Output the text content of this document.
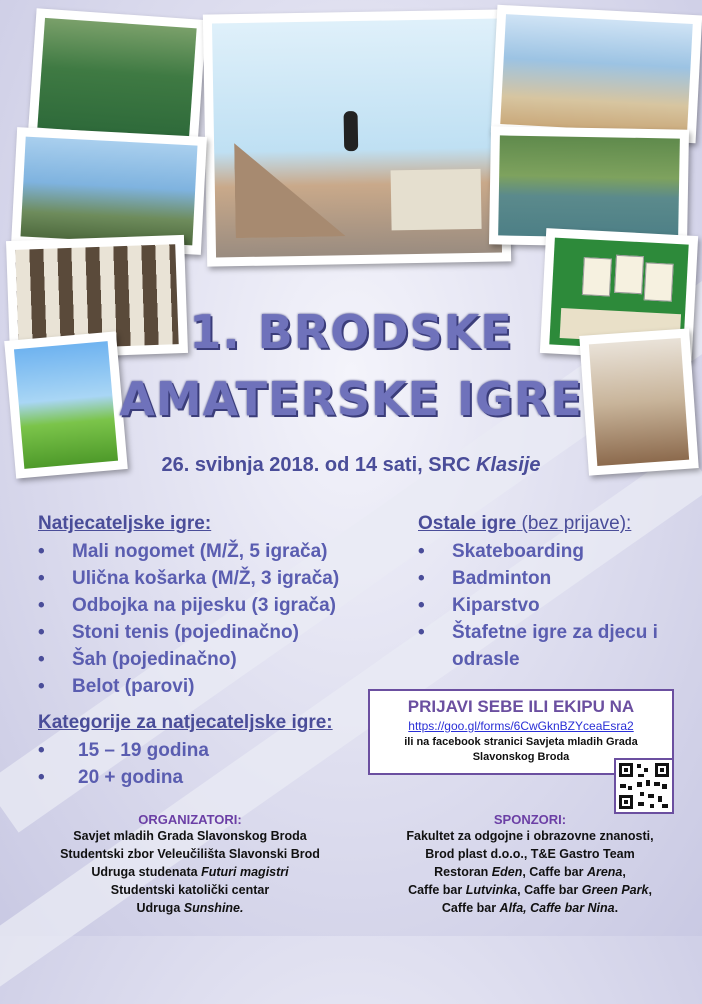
1. BRODSKE
AMATERSKE IGRE
26. svibnja 2018. od 14 sati, SRC Klasije
Natjecateljske igre:
•	Mali nogomet (M/Ž, 5 igrača)
•	Ulična košarka (M/Ž, 3 igrača)
•	Odbojka na pijesku (3 igrača)
•	Stoni tenis (pojedinačno)
•	Šah (pojedinačno)
•	Belot (parovi)
Ostale igre (bez prijave):
•	Skateboarding
•	Badminton
•	Kiparstvo
•	Štafetne igre za djecu i odrasle
Kategorije za natjecateljske igre:
•	15 – 19 godina
•	20 + godina
PRIJAVI SEBE ILI EKIPU NA
https://goo.gl/forms/6CwGknBZYceaEsra2
ili na facebook stranici Savjeta mladih Grada
Slavonskog Broda
ORGANIZATORI:
Savjet mladih Grada Slavonskog Broda
Studentski zbor Veleučilišta Slavonski Brod
Udruga studenata Futuri magistri
Studentski katolički centar
Udruga Sunshine.
SPONZORI:
Fakultet za odgojne i obrazovne znanosti,
Brod plast d.o.o., T&E Gastro Team
Restoran Eden, Caffe bar Arena,
Caffe bar Lutvinka, Caffe bar Green Park,
Caffe bar Alfa, Caffe bar Nina.
